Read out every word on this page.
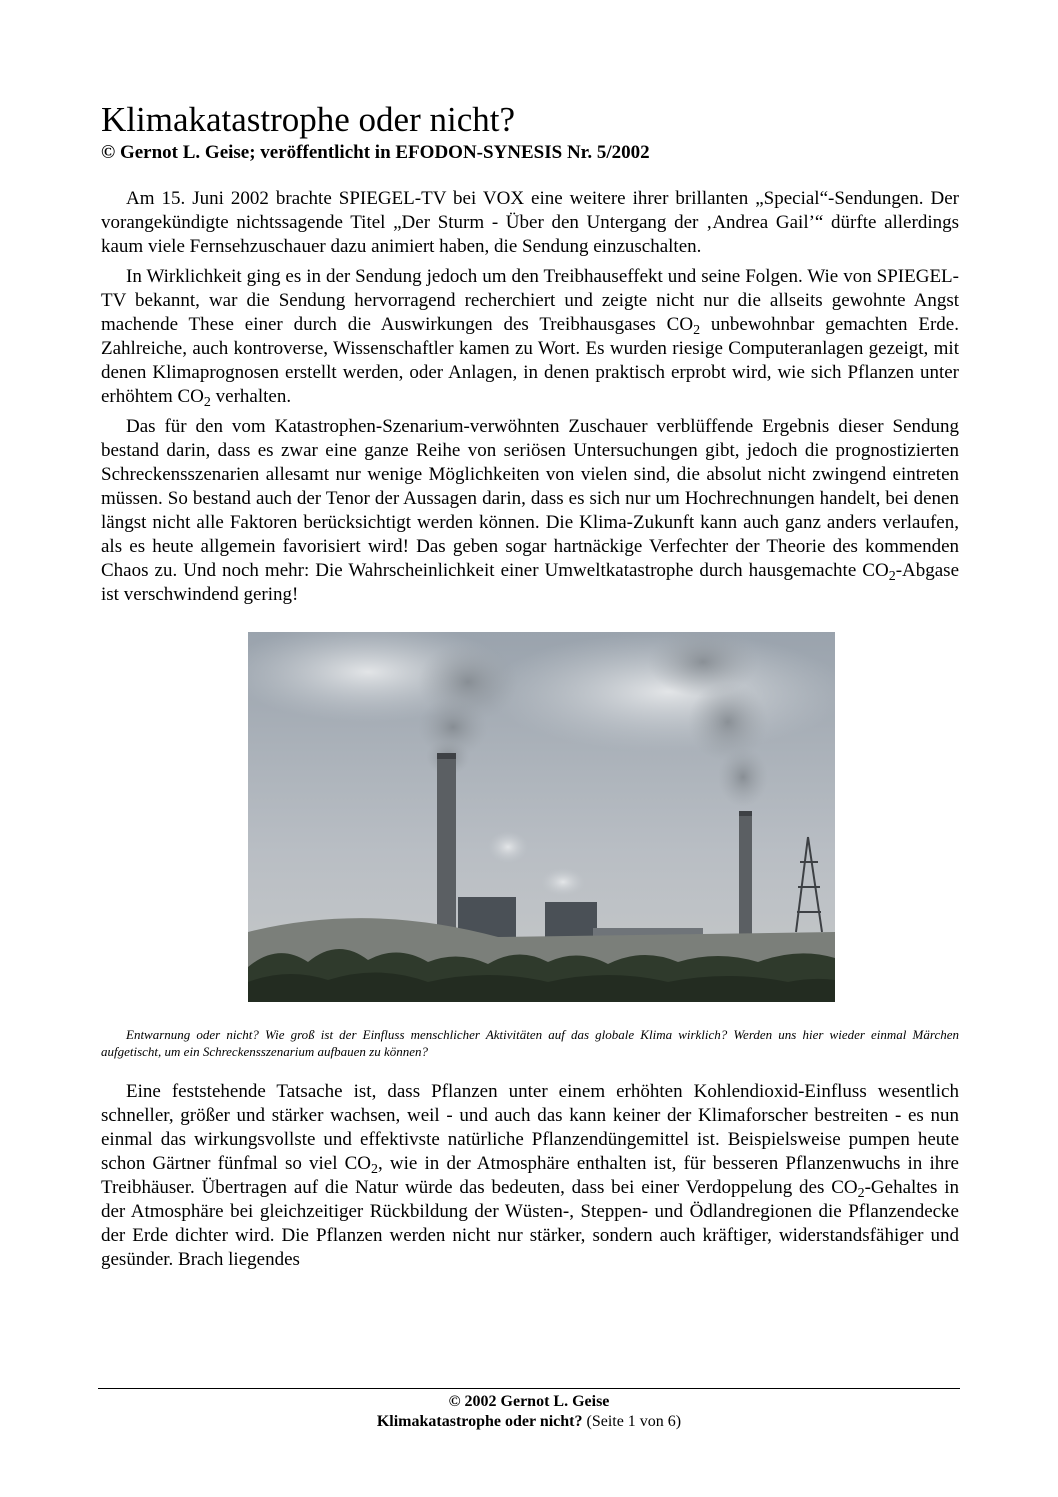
Klimakatastrophe oder nicht?
© Gernot L. Geise; veröffentlicht in EFODON-SYNESIS Nr. 5/2002

Am 15. Juni 2002 brachte SPIEGEL-TV bei VOX eine weitere ihrer brillanten „Special“-Sendungen. Der vorangekündigte nichtssagende Titel „Der Sturm - Über den Untergang der ‚Andrea Gail’“ dürfte allerdings kaum viele Fernsehzuschauer dazu animiert haben, die Sendung einzuschalten.

In Wirklichkeit ging es in der Sendung jedoch um den Treibhauseffekt und seine Folgen. Wie von SPIEGEL-TV bekannt, war die Sendung hervorragend recherchiert und zeigte nicht nur die allseits gewohnte Angst machende These einer durch die Auswirkungen des Treibhausgases $CO_2$ unbewohnbar gemachten Erde. Zahlreiche, auch kontroverse, Wissenschaftler kamen zu Wort. Es wurden riesige Computeranlagen gezeigt, mit denen Klimaprognosen erstellt werden, oder Anlagen, in denen praktisch erprobt wird, wie sich Pflanzen unter erhöhtem $CO_2$ verhalten.

Das für den vom Katastrophen-Szenarium-verwöhnten Zuschauer verblüffende Ergebnis dieser Sendung bestand darin, dass es zwar eine ganze Reihe von seriösen Untersuchungen gibt, jedoch die prognostizierten Schreckensszenarien allesamt nur wenige Möglichkeiten von vielen sind, die absolut nicht zwingend eintreten müssen. So bestand auch der Tenor der Aussagen darin, dass es sich nur um Hochrechnungen handelt, bei denen längst nicht alle Faktoren berücksichtigt werden können. Die Klima-Zukunft kann auch ganz anders verlaufen, als es heute allgemein favorisiert wird! Das geben sogar hartnäckige Verfechter der Theorie des kommenden Chaos zu. Und noch mehr: Die Wahrscheinlichkeit einer Umweltkatastrophe durch hausgemachte $CO_2$-Abgase ist verschwindend gering!

Entwarnung oder nicht? Wie groß ist der Einfluss menschlicher Aktivitäten auf das globale Klima wirklich? Werden uns hier wieder einmal Märchen aufgetischt, um ein Schreckensszenarium aufbauen zu können?

Eine feststehende Tatsache ist, dass Pflanzen unter einem erhöhten Kohlendioxid-Einfluss wesentlich schneller, größer und stärker wachsen, weil - und auch das kann keiner der Klimaforscher bestreiten - es nun einmal das wirkungsvollste und effektivste natürliche Pflanzendüngemittel ist. Beispielsweise pumpen heute schon Gärtner fünfmal so viel $CO_2$, wie in der Atmosphäre enthalten ist, für besseren Pflanzenwuchs in ihre Treibhäuser. Übertragen auf die Natur würde das bedeuten, dass bei einer Verdoppelung des $CO_2$-Gehaltes in der Atmosphäre bei gleichzeitiger Rückbildung der Wüsten-, Steppen- und Ödlandregionen die Pflanzendecke der Erde dichter wird. Die Pflanzen werden nicht nur stärker, sondern auch kräftiger, widerstandsfähiger und gesünder. Brach liegendes

© 2002 Gernot L. Geise
Klimakatastrophe oder nicht? (Seite 1 von 6)
